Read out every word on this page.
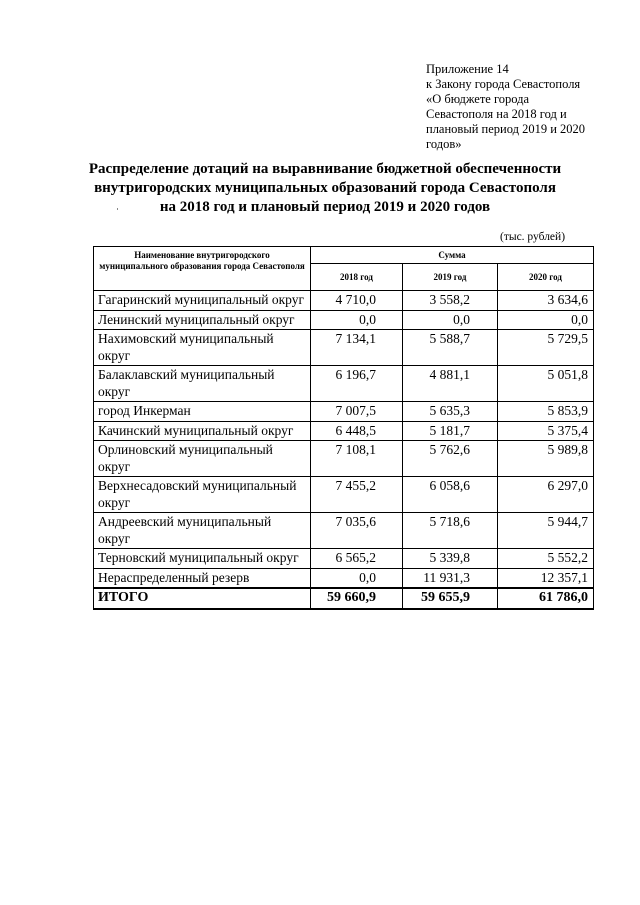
Приложение 14
к Закону города Севастополя
«О бюджете города
Севастополя на 2018 год и
плановый период 2019 и 2020
годов»
Распределение дотаций на выравнивание бюджетной обеспеченности
внутригородских муниципальных образований города Севастополя
на 2018 год и плановый период 2019 и 2020 годов
(тыс. рублей)
Наименование внутригородского муниципального образования города Севастополя	Сумма		
	2018 год	2019 год	2020 год
Гагаринский муниципальный округ	4 710,0	3 558,2	3 634,6
Ленинский муниципальный округ	0,0	0,0	0,0
Нахимовский муниципальный округ	7 134,1	5 588,7	5 729,5
Балаклавский муниципальный округ	6 196,7	4 881,1	5 051,8
город Инкерман	7 007,5	5 635,3	5 853,9
Качинский муниципальный округ	6 448,5	5 181,7	5 375,4
Орлиновский муниципальный округ	7 108,1	5 762,6	5 989,8
Верхнесадовский муниципальный округ	7 455,2	6 058,6	6 297,0
Андреевский муниципальный округ	7 035,6	5 718,6	5 944,7
Терновский муниципальный округ	6 565,2	5 339,8	5 552,2
Нераспределенный резерв	0,0	11 931,3	12 357,1
ИТОГО	59 660,9	59 655,9	61 786,0
